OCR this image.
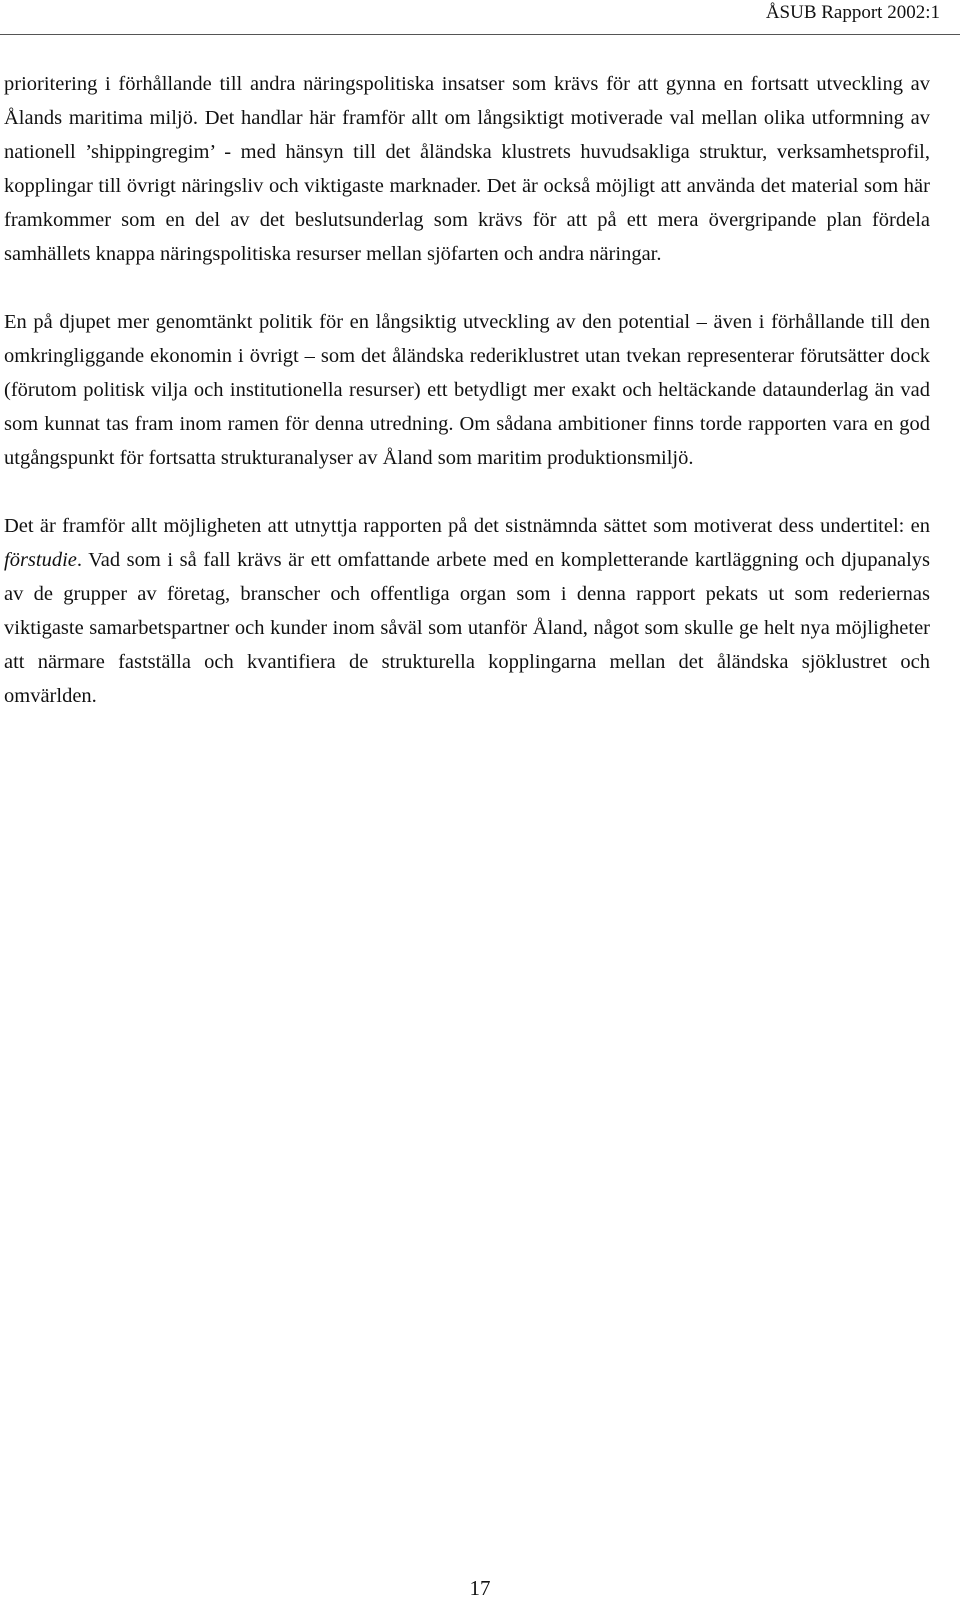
ÅSUB Rapport 2002:1

prioritering i förhållande till andra näringspolitiska insatser som krävs för att gynna en fortsatt utveckling av Ålands maritima miljö. Det handlar här framför allt om långsiktigt motiverade val mellan olika utformning av nationell ’shippingregim’ - med hänsyn till det åländska klustrets huvudsakliga struktur, verksamhetsprofil, kopplingar till övrigt näringsliv och viktigaste marknader. Det är också möjligt att använda det material som här framkommer som en del av det beslutsunderlag som krävs för att på ett mera övergripande plan fördela samhällets knappa näringspolitiska resurser mellan sjöfarten och andra näringar.

En på djupet mer genomtänkt politik för en långsiktig utveckling av den potential – även i förhållande till den omkringliggande ekonomin i övrigt – som det åländska rederiklustret utan tvekan representerar förutsätter dock (förutom politisk vilja och institutionella resurser) ett betydligt mer exakt och heltäckande dataunderlag än vad som kunnat tas fram inom ramen för denna utredning. Om sådana ambitioner finns torde rapporten vara en god utgångspunkt för fortsatta strukturanalyser av Åland som maritim produktionsmiljö.

Det är framför allt möjligheten att utnyttja rapporten på det sistnämnda sättet som motiverat dess undertitel: en förstudie. Vad som i så fall krävs är ett omfattande arbete med en kompletterande kartläggning och djupanalys av de grupper av företag, branscher och offentliga organ som i denna rapport pekats ut som rederiernas viktigaste samarbetspartner och kunder inom såväl som utanför Åland, något som skulle ge helt nya möjligheter att närmare fastställa och kvantifiera de strukturella kopplingarna mellan det åländska sjöklustret och omvärlden.

17
